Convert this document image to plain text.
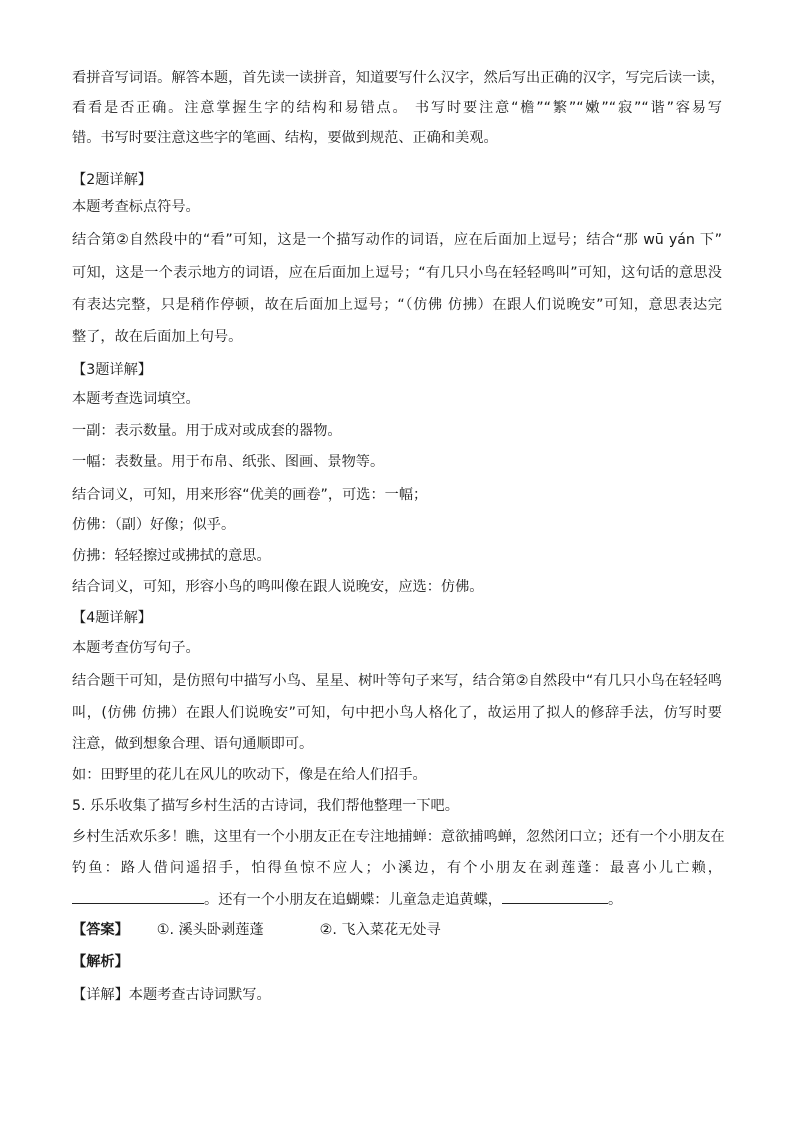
看拼音写词语。解答本题，首先读一读拼音，知道要写什么汉字，然后写出正确的汉字，写完后读一读，
看看是否正确。注意掌握生字的结构和易错点。 书写时要注意“檐”“繁”“嫩”“寂”“谐”容易写
错。书写时要注意这些字的笔画、结构，要做到规范、正确和美观。
【2题详解】
本题考查标点符号。
结合第②自然段中的“看”可知，这是一个描写动作的词语，应在后面加上逗号；结合“那 wū yán 下”
可知，这是一个表示地方的词语，应在后面加上逗号；“有几只小鸟在轻轻鸣叫”可知，这句话的意思没
有表达完整，只是稍作停顿，故在后面加上逗号；“（仿佛 仿拂）在跟人们说晚安”可知，意思表达完
整了，故在后面加上句号。
【3题详解】
本题考查选词填空。
一副：表示数量。用于成对或成套的器物。
一幅：表数量。用于布帛、纸张、图画、景物等。
结合词义，可知，用来形容“优美的画卷”，可选：一幅；
仿佛：（副）好像；似乎。
仿拂：轻轻擦过或拂拭的意思。
结合词义，可知，形容小鸟的鸣叫像在跟人说晚安，应选：仿佛。
【4题详解】
本题考查仿写句子。
结合题干可知，是仿照句中描写小鸟、星星、树叶等句子来写，结合第②自然段中“有几只小鸟在轻轻鸣
叫，(仿佛 仿拂）在跟人们说晚安”可知，句中把小鸟人格化了，故运用了拟人的修辞手法，仿写时要
注意，做到想象合理、语句通顺即可。
如：田野里的花儿在风儿的吹动下，像是在给人们招手。
5. 乐乐收集了描写乡村生活的古诗词，我们帮他整理一下吧。
乡村生活欢乐多！瞧，这里有一个小朋友正在专注地捕蝉：意欲捕鸣蝉，忽然闭口立；还有一个小朋友在
钓鱼：路人借问遥招手，怕得鱼惊不应人；小溪边，有个小朋友在剥莲蓬：最喜小儿亡赖，
。还有一个小朋友在追蝴蝶：儿童急走追黄蝶，	。
【答案】 ①. 溪头卧剥莲蓬	②. 飞入菜花无处寻
【解析】
【详解】本题考查古诗词默写。
